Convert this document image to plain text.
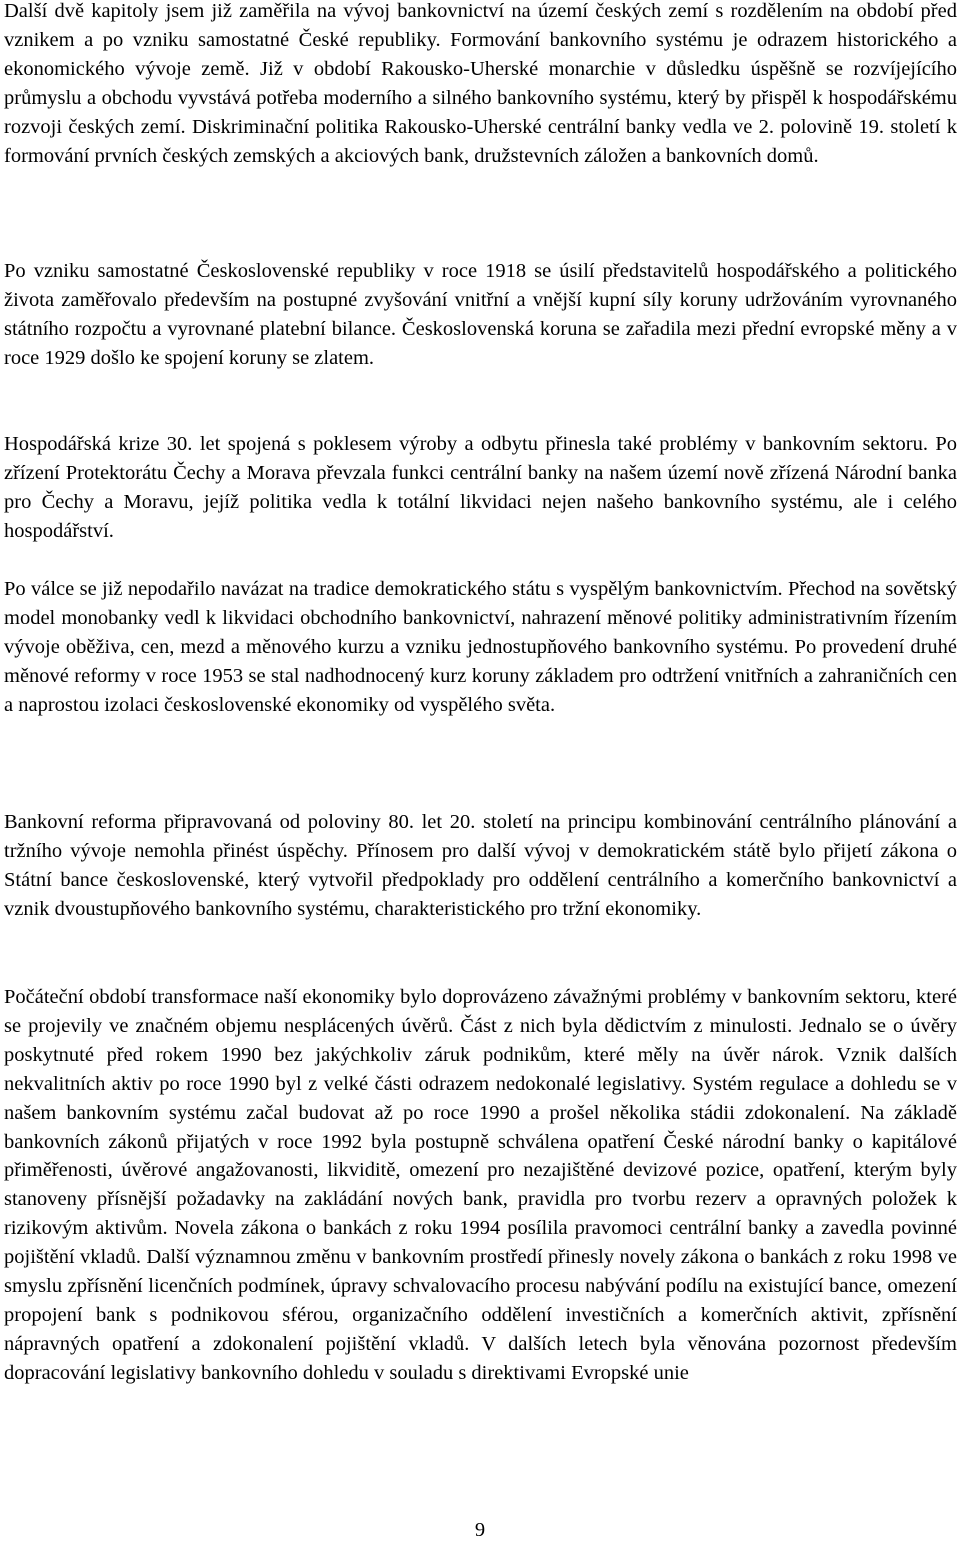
Další dvě kapitoly jsem již zaměřila na vývoj bankovnictví na území českých zemí s rozdělením na období před vznikem a po vzniku samostatné České republiky. Formování bankovního systému je odrazem historického a ekonomického vývoje země. Již v období Rakousko-Uherské monarchie v důsledku úspěšně se rozvíjejícího průmyslu a obchodu vyvstává potřeba moderního a silného bankovního systému, který by přispěl k hospodářskému rozvoji českých zemí. Diskriminační politika Rakousko-Uherské centrální banky vedla ve 2. polovině 19. století k formování prvních českých zemských a akciových bank, družstevních záložen a bankovních domů.

Po vzniku samostatné Československé republiky v roce 1918 se úsilí představitelů hospodářského a politického života zaměřovalo především na postupné zvyšování vnitřní a vnější kupní síly koruny udržováním vyrovnaného státního rozpočtu a vyrovnané platební bilance. Československá koruna se zařadila mezi přední evropské měny a v roce 1929 došlo ke spojení koruny se zlatem.

Hospodářská krize 30. let spojená s poklesem výroby a odbytu přinesla také problémy v bankovním sektoru. Po zřízení Protektorátu Čechy a Morava převzala funkci centrální banky na našem území nově zřízená Národní banka pro Čechy a Moravu, jejíž politika vedla k totální likvidaci nejen našeho bankovního systému, ale i celého hospodářství.

Po válce se již nepodařilo navázat na tradice demokratického státu s vyspělým bankovnictvím. Přechod na sovětský model monobanky vedl k likvidaci obchodního bankovnictví, nahrazení měnové politiky administrativním řízením vývoje oběživa, cen, mezd a měnového kurzu a vzniku jednostupňového bankovního systému. Po provedení druhé měnové reformy v roce 1953 se stal nadhodnocený kurz koruny základem pro odtržení vnitřních a zahraničních cen a naprostou izolaci československé ekonomiky od vyspělého světa.

Bankovní reforma připravovaná od poloviny 80. let 20. století na principu kombinování centrálního plánování a tržního vývoje nemohla přinést úspěchy. Přínosem pro další vývoj v demokratickém státě bylo přijetí zákona o Státní bance československé, který vytvořil předpoklady pro oddělení centrálního a komerčního bankovnictví a vznik dvoustupňového bankovního systému, charakteristického pro tržní ekonomiky.

Počáteční období transformace naší ekonomiky bylo doprovázeno závažnými problémy v bankovním sektoru, které se projevily ve značném objemu nesplácených úvěrů. Část z nich byla dědictvím z minulosti. Jednalo se o úvěry poskytnuté před rokem 1990 bez jakýchkoliv záruk podnikům, které měly na úvěr nárok. Vznik dalších nekvalitních aktiv po roce 1990 byl z velké části odrazem nedokonalé legislativy. Systém regulace a dohledu se v našem bankovním systému začal budovat až po roce 1990 a prošel několika stádii zdokonalení. Na základě bankovních zákonů přijatých v roce 1992 byla postupně schválena opatření České národní banky o kapitálové přiměřenosti, úvěrové angažovanosti, likviditě, omezení pro nezajištěné devizové pozice, opatření, kterým byly stanoveny přísnější požadavky na zakládání nových bank, pravidla pro tvorbu rezerv a opravných položek k rizikovým aktivům. Novela zákona o bankách z roku 1994 posílila pravomoci centrální banky a zavedla povinné pojištění vkladů. Další významnou změnu v bankovním prostředí přinesly novely zákona o bankách z roku 1998 ve smyslu zpřísnění licenčních podmínek, úpravy schvalovacího procesu nabývání podílu na existující bance, omezení propojení bank s podnikovou sférou, organizačního oddělení investičních a komerčních aktivit, zpřísnění nápravných opatření a zdokonalení pojištění vkladů. V dalších letech byla věnována pozornost především dopracování legislativy bankovního dohledu v souladu s direktivami Evropské unie

9
